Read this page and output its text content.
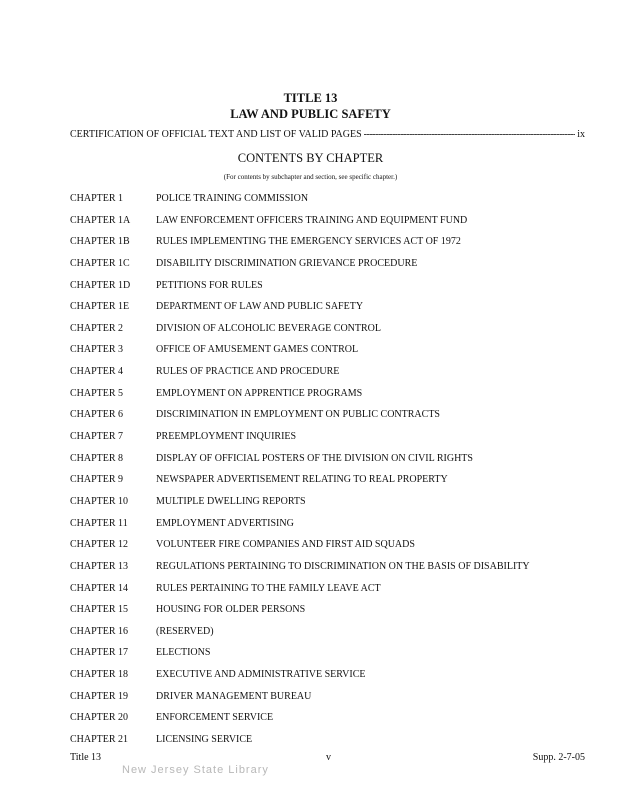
TITLE 13
LAW AND PUBLIC SAFETY
CERTIFICATION OF OFFICIAL TEXT AND LIST OF VALID PAGES
-----	ix
CONTENTS BY CHAPTER
(For contents by subchapter and section, see specific chapter.)
CHAPTER 1	POLICE TRAINING COMMISSION
CHAPTER 1A	LAW ENFORCEMENT OFFICERS TRAINING AND EQUIPMENT FUND
CHAPTER 1B	RULES IMPLEMENTING THE EMERGENCY SERVICES ACT OF 1972
CHAPTER 1C	DISABILITY DISCRIMINATION GRIEVANCE PROCEDURE
CHAPTER 1D	PETITIONS FOR RULES
CHAPTER 1E	DEPARTMENT OF LAW AND PUBLIC SAFETY
CHAPTER 2	DIVISION OF ALCOHOLIC BEVERAGE CONTROL
CHAPTER 3	OFFICE OF AMUSEMENT GAMES CONTROL
CHAPTER 4	RULES OF PRACTICE AND PROCEDURE
CHAPTER 5	EMPLOYMENT ON APPRENTICE PROGRAMS
CHAPTER 6	DISCRIMINATION IN EMPLOYMENT ON PUBLIC CONTRACTS
CHAPTER 7	PREEMPLOYMENT INQUIRIES
CHAPTER 8	DISPLAY OF OFFICIAL POSTERS OF THE DIVISION ON CIVIL RIGHTS
CHAPTER 9	NEWSPAPER ADVERTISEMENT RELATING TO REAL PROPERTY
CHAPTER 10	MULTIPLE DWELLING REPORTS
CHAPTER 11	EMPLOYMENT ADVERTISING
CHAPTER 12	VOLUNTEER FIRE COMPANIES AND FIRST AID SQUADS
CHAPTER 13	REGULATIONS PERTAINING TO DISCRIMINATION ON THE BASIS OF DISABILITY
CHAPTER 14	RULES PERTAINING TO THE FAMILY LEAVE ACT
CHAPTER 15	HOUSING FOR OLDER PERSONS
CHAPTER 16	(RESERVED)
CHAPTER 17	ELECTIONS
CHAPTER 18	EXECUTIVE AND ADMINISTRATIVE SERVICE
CHAPTER 19	DRIVER MANAGEMENT BUREAU
CHAPTER 20	ENFORCEMENT SERVICE
CHAPTER 21	LICENSING SERVICE
Title 13	v	Supp. 2-7-05
New Jersey State Library
